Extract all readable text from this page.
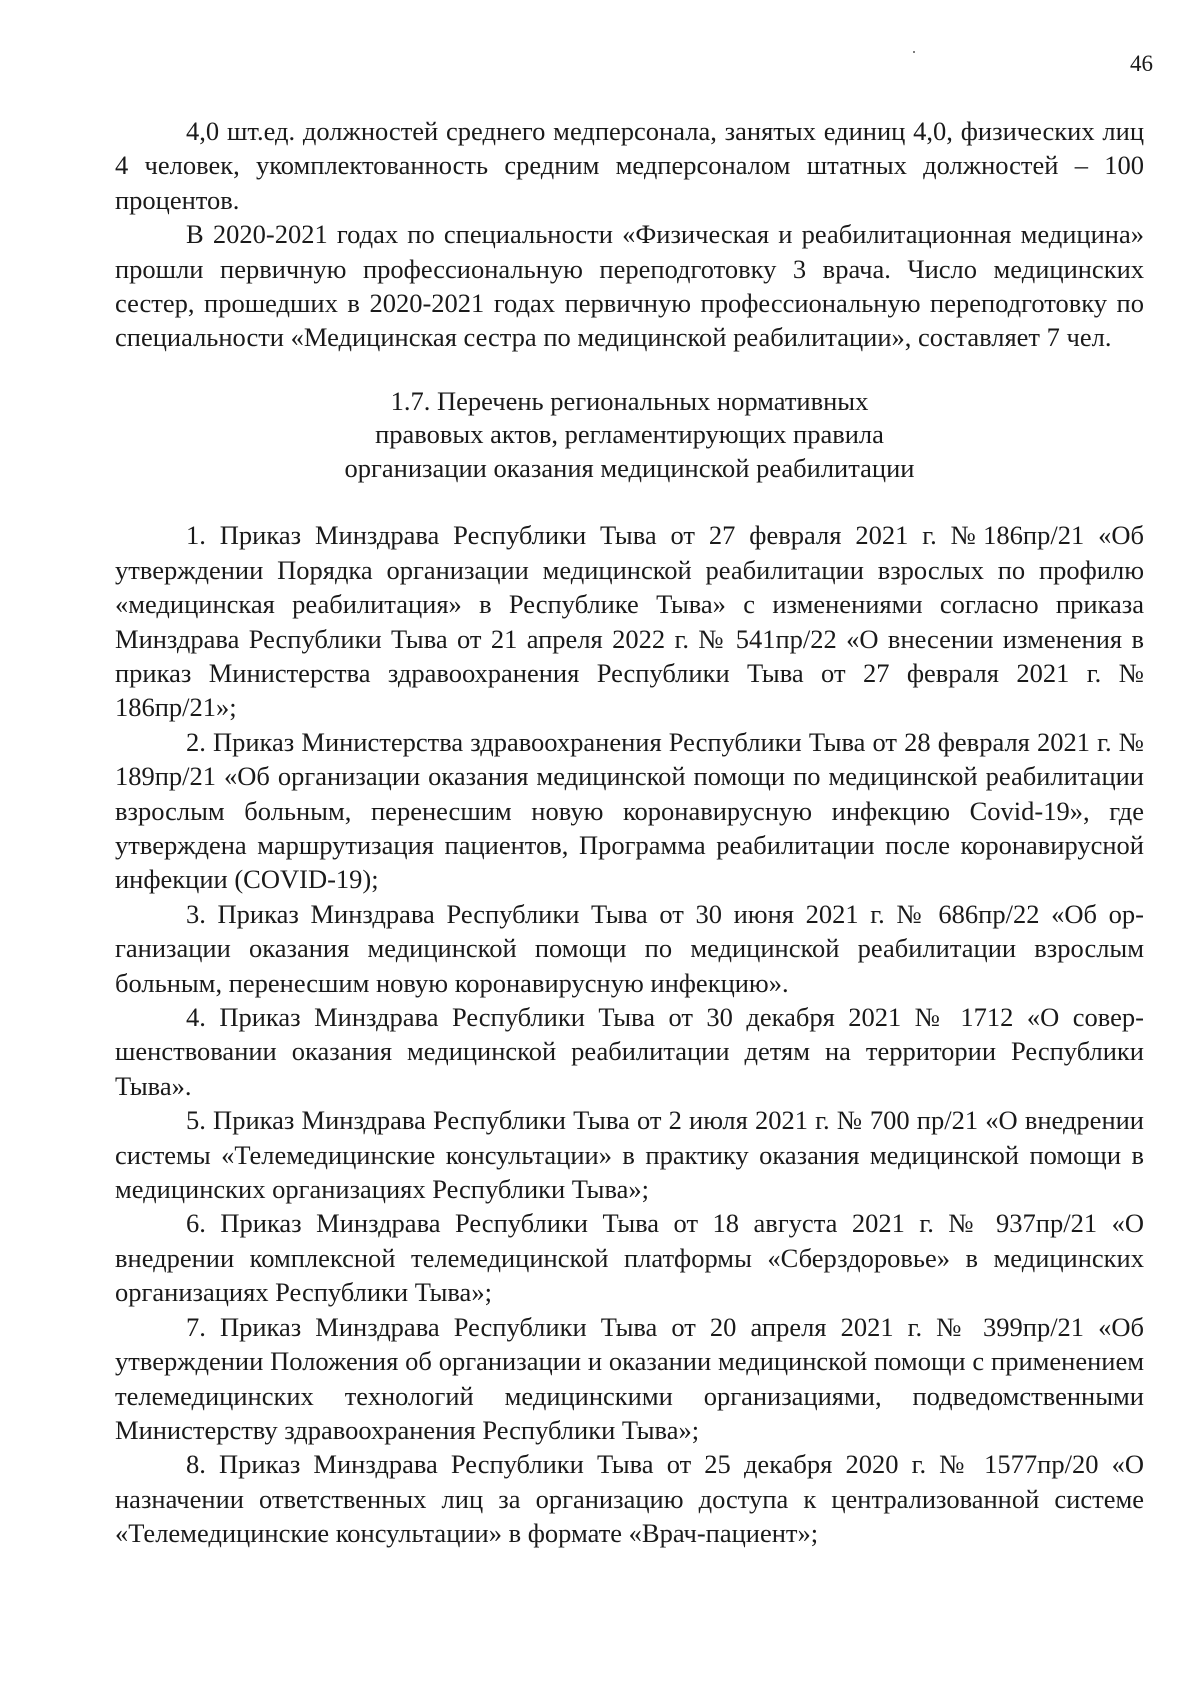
46

4,0 шт.ед. должностей среднего медперсонала, занятых единиц 4,0, физических лиц 4 человек, укомплектованность средним медперсоналом штатных должностей – 100 процентов.

В 2020-2021 годах по специальности «Физическая и реабилитационная медицина» прошли первичную профессиональную переподготовку 3 врача. Число медицинских сестер, прошедших в 2020-2021 годах первичную профессиональную переподготовку по специальности «Медицинская сестра по медицинской реабилитации», составляет 7 чел.

1.7. Перечень региональных нормативных
правовых актов, регламентирующих правила
организации оказания медицинской реабилитации

1. Приказ Минздрава Республики Тыва от 27 февраля 2021 г. №186пр/21 «Об утверждении Порядка организации медицинской реабилитации взрослых по профилю «медицинская реабилитация» в Республике Тыва» с изменениями согласно приказа Минздрава Республики Тыва от 21 апреля 2022 г. № 541пр/22 «О внесении изменения в приказ Министерства здравоохранения Республики Тыва от 27 февраля 2021 г. № 186пр/21»;

2. Приказ Министерства здравоохранения Республики Тыва от 28 февраля 2021 г. № 189пр/21 «Об организации оказания медицинской помощи по медицинской реабилитации взрослым больным, перенесшим новую коронавирусную инфекцию Covid-19», где утверждена маршрутизация пациентов, Программа реабилитации после коронавирусной инфекции (COVID-19);

3. Приказ Минздрава Республики Тыва от 30 июня 2021 г. № 686пр/22 «Об организации оказания медицинской помощи по медицинской реабилитации взрослым больным, перенесшим новую коронавирусную инфекцию».

4. Приказ Минздрава Республики Тыва от 30 декабря 2021 № 1712 «О совершенствовании оказания медицинской реабилитации детям на территории Республики Тыва».

5. Приказ Минздрава Республики Тыва от 2 июля 2021 г. № 700 пр/21 «О внедрении системы «Телемедицинские консультации» в практику оказания медицинской помощи в медицинских организациях Республики Тыва»;

6. Приказ Минздрава Республики Тыва от 18 августа 2021 г. № 937пр/21 «О внедрении комплексной телемедицинской платформы «Сберздоровье» в медицинских организациях Республики Тыва»;

7. Приказ Минздрава Республики Тыва от 20 апреля 2021 г. № 399пр/21 «Об утверждении Положения об организации и оказании медицинской помощи с применением телемедицинских технологий медицинскими организациями, подведомственными Министерству здравоохранения Республики Тыва»;

8. Приказ Минздрава Республики Тыва от 25 декабря 2020 г. № 1577пр/20 «О назначении ответственных лиц за организацию доступа к централизованной системе «Телемедицинские консультации» в формате «Врач-пациент»;
